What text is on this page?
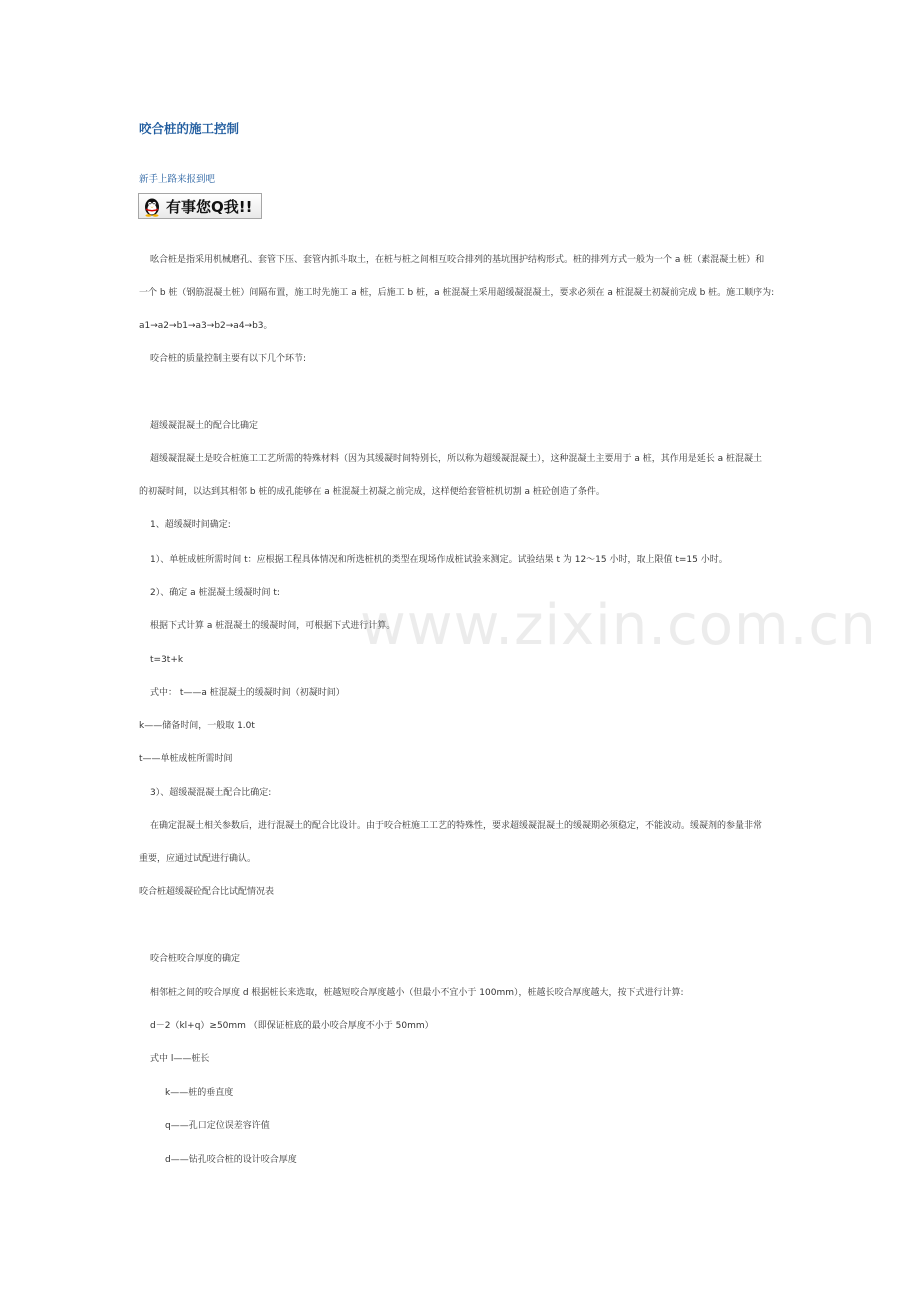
咬合桩的施工控制
新手上路来报到吧
有事您Q我!!
吆合桩是指采用机械磨孔、套管下压、套管内抓斗取土，在桩与桩之间相互咬合排列的基坑围护结构形式。桩的排列方式一般为一个 a 桩（素混凝土桩）和
一个 b 桩（钢筋混凝土桩）间隔布置，施工时先施工 a 桩，后施工 b 桩，a 桩混凝土采用超缓凝混凝土，要求必须在 a 桩混凝土初凝前完成 b 桩。施工顺序为:
a1→a2→b1→a3→b2→a4→b3。
咬合桩的质量控制主要有以下几个环节:
超缓凝混凝土的配合比确定
超缓凝混凝土是咬合桩施工工艺所需的特殊材料（因为其缓凝时间特别长，所以称为超缓凝混凝土），这种混凝土主要用于 a 桩，其作用是延长 a 桩混凝土
的初凝时间，以达到其相邻 b 桩的成孔能够在 a 桩混凝土初凝之前完成，这样便给套管桩机切割 a 桩砼创造了条件。
1、超缓凝时间确定:
1）、单桩成桩所需时间 t：应根据工程具体情况和所选桩机的类型在现场作成桩试验来测定。试验结果 t 为 12～15 小时，取上限值 t=15 小时。
2）、确定 a 桩混凝土缓凝时间 t:
根据下式计算 a 桩混凝土的缓凝时间，可根据下式进行计算。
t=3t+k
式中： t——a 桩混凝土的缓凝时间（初凝时间）
k——储备时间，一般取 1.0t
t——单桩成桩所需时间
3）、超缓凝混凝土配合比确定:
在确定混凝土相关参数后，进行混凝土的配合比设计。由于咬合桩施工工艺的特殊性，要求超缓凝混凝土的缓凝期必须稳定，不能波动。缓凝剂的参量非常
重要，应通过试配进行确认。
咬合桩超缓凝砼配合比试配情况表
咬合桩咬合厚度的确定
相邻桩之间的咬合厚度 d 根据桩长来选取，桩越短咬合厚度越小（但最小不宜小于 100mm），桩越长咬合厚度越大，按下式进行计算:
d－2（kl+q）≥50mm （即保证桩底的最小咬合厚度不小于 50mm）
式中 l——桩长
k——桩的垂直度
q——孔口定位误差容许值
d——钻孔咬合桩的设计咬合厚度
www.zixin.com.cn
